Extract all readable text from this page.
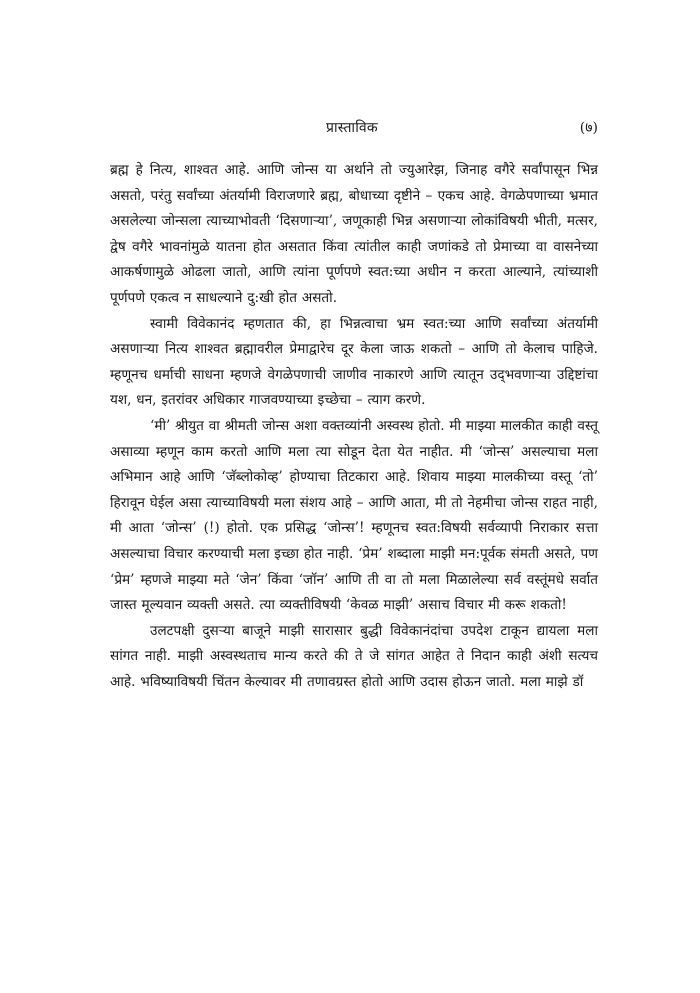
प्रास्ताविक	(७)

ब्रह्म हे नित्य, शाश्वत आहे. आणि जोन्स या अर्थाने तो ज्युआरेझ, जिनाह वगैरे सर्वांपासून भिन्न असतो, परंतु सर्वांच्या अंतर्यामी विराजणारे ब्रह्म, बोधाच्या दृष्टीने – एकच आहे. वेगळेपणाच्या भ्रमात असलेल्या जोन्सला त्याच्याभोवती ‘दिसणाऱ्या’, जणूकाही भिन्न असणाऱ्या लोकांविषयी भीती, मत्सर, द्वेष वगैरे भावनांमुळे यातना होत असतात किंवा त्यांतील काही जणांकडे तो प्रेमाच्या वा वासनेच्या आकर्षणामुळे ओढला जातो, आणि त्यांना पूर्णपणे स्वत:च्या अधीन न करता आल्याने, त्यांच्याशी पूर्णपणे एकत्व न साधल्याने दु:खी होत असतो.

स्वामी विवेकानंद म्हणतात की, हा भिन्नत्वाचा भ्रम स्वत:च्या आणि सर्वांच्या अंतर्यामी असणाऱ्या नित्य शाश्वत ब्रह्मावरील प्रेमाद्वारेच दूर केला जाऊ शकतो – आणि तो केलाच पाहिजे. म्हणूनच धर्माची साधना म्हणजे वेगळेपणाची जाणीव नाकारणे आणि त्यातून उद्‌भवणाऱ्या उद्दिष्टांचा यश, धन, इतरांवर अधिकार गाजवण्याच्या इच्छेचा – त्याग करणे.

‘मी’ श्रीयुत वा श्रीमती जोन्स अशा वक्तव्यांनी अस्वस्थ होतो. मी माझ्या मालकीत काही वस्तू असाव्या म्हणून काम करतो आणि मला त्या सोडून देता येत नाहीत. मी ‘जोन्स’ असल्याचा मला अभिमान आहे आणि ‘जॅब्लोकोव्ह’ होण्याचा तिटकारा आहे. शिवाय माझ्या मालकीच्या वस्तू ‘तो’ हिरावून घेईल असा त्याच्याविषयी मला संशय आहे – आणि आता, मी तो नेहमीचा जोन्स राहत नाही, मी आता ‘जोन्स’ (!) होतो. एक प्रसिद्ध ‘जोन्स’! म्हणूनच स्वत:विषयी सर्वव्यापी निराकार सत्ता असल्याचा विचार करण्याची मला इच्छा होत नाही. ‘प्रेम’ शब्दाला माझी मन:पूर्वक संमती असते, पण ‘प्रेम’ म्हणजे माझ्या मते ‘जेन’ किंवा ‘जॉन’ आणि ती वा तो मला मिळालेल्या सर्व वस्तूंमधे सर्वात जास्त मूल्यवान व्यक्ती असते. त्या व्यक्तीविषयी ‘केवळ माझी’ असाच विचार मी करू शकतो!

उलटपक्षी दुसऱ्या बाजूने माझी सारासार बुद्धी विवेकानंदांचा उपदेश टाकून द्यायला मला सांगत नाही. माझी अस्वस्थताच मान्य करते की ते जे सांगत आहेत ते निदान काही अंशी सत्यच आहे. भविष्याविषयी चिंतन केल्यावर मी तणावग्रस्त होतो आणि उदास होऊन जातो. मला माझे डॉ
